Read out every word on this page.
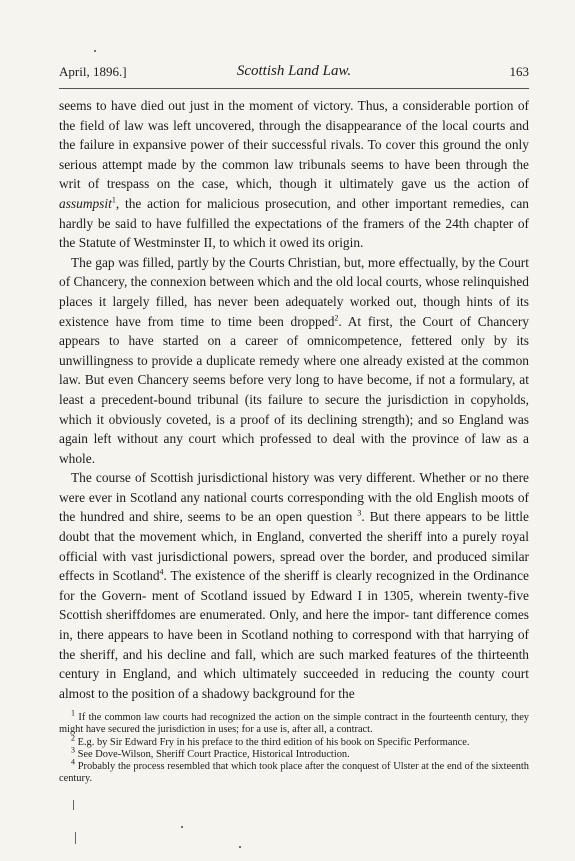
April, 1896.]	Scottish Land Law.	163

seems to have died out just in the moment of victory. Thus, a considerable portion of the field of law was left uncovered, through the disappearance of the local courts and the failure in expansive power of their successful rivals. To cover this ground the only serious attempt made by the common law tribunals seems to have been through the writ of trespass on the case, which, though it ultimately gave us the action of assumpsit$^1$, the action for malicious prosecution, and other important remedies, can hardly be said to have fulfilled the expectations of the framers of the 24th chapter of the Statute of Westminster II, to which it owed its origin.

The gap was filled, partly by the Courts Christian, but, more effectually, by the Court of Chancery, the connexion between which and the old local courts, whose relinquished places it largely filled, has never been adequately worked out, though hints of its existence have from time to time been dropped$^2$. At first, the Court of Chancery appears to have started on a career of omnicompetence, fettered only by its unwillingness to provide a duplicate remedy where one already existed at the common law. But even Chancery seems before very long to have become, if not a formulary, at least a precedent-bound tribunal (its failure to secure the jurisdiction in copyholds, which it obviously coveted, is a proof of its declining strength); and so England was again left without any court which professed to deal with the province of law as a whole.

The course of Scottish jurisdictional history was very different. Whether or no there were ever in Scotland any national courts corresponding with the old English moots of the hundred and shire, seems to be an open question $^3$. But there appears to be little doubt that the movement which, in England, converted the sheriff into a purely royal official with vast jurisdictional powers, spread over the border, and produced similar effects in Scotland$^4$. The existence of the sheriff is clearly recognized in the Ordinance for the Govern- ment of Scotland issued by Edward I in 1305, wherein twenty-five Scottish sheriffdomes are enumerated. Only, and here the impor- tant difference comes in, there appears to have been in Scotland nothing to correspond with that harrying of the sheriff, and his decline and fall, which are such marked features of the thirteenth century in England, and which ultimately succeeded in reducing the county court almost to the position of a shadowy background for the

$^1$ If the common law courts had recognized the action on the simple contract in the fourteenth century, they might have secured the jurisdiction in uses; for a use is, after all, a contract.

$^2$ E.g. by Sir Edward Fry in his preface to the third edition of his book on Specific Performance.

$^3$ See Dove-Wilson, Sheriff Court Practice, Historical Introduction.

$^4$ Probably the process resembled that which took place after the conquest of Ulster at the end of the sixteenth century.
